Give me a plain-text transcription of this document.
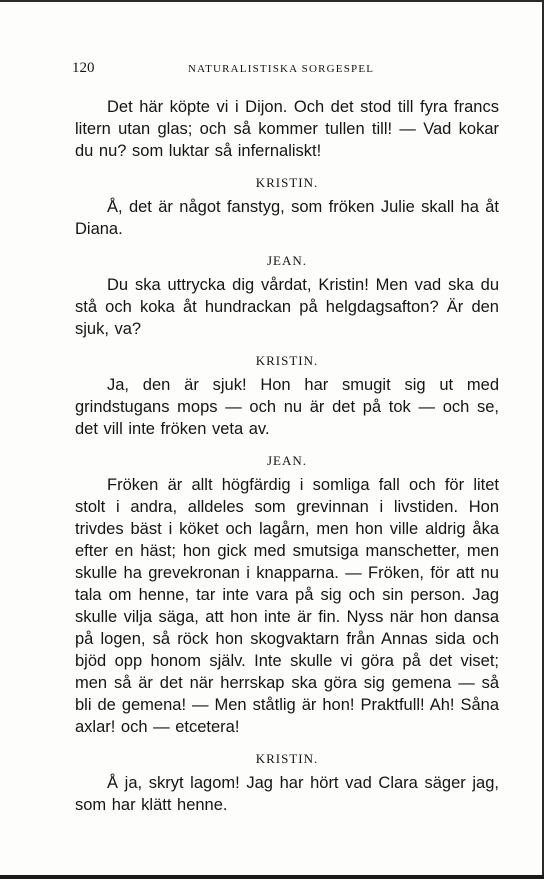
120	NATURALISTISKA SORGESPEL

Det här köpte vi i Dijon. Och det stod till fyra francs litern utan glas; och så kommer tullen till! — Vad kokar du nu? som luktar så infernaliskt!

KRISTIN.

Å, det är något fanstyg, som fröken Julie skall ha åt Diana.

JEAN.

Du ska uttrycka dig vårdat, Kristin! Men vad ska du stå och koka åt hundrackan på helgdagsafton? Är den sjuk, va?

KRISTIN.

Ja, den är sjuk! Hon har smugit sig ut med grindstugans mops — och nu är det på tok — och se, det vill inte fröken veta av.

JEAN.

Fröken är allt högfärdig i somliga fall och för litet stolt i andra, alldeles som grevinnan i livstiden. Hon trivdes bäst i köket och lagårn, men hon ville aldrig åka efter en häst; hon gick med smutsiga manschetter, men skulle ha grevekronan i knapparna. — Fröken, för att nu tala om henne, tar inte vara på sig och sin person. Jag skulle vilja säga, att hon inte är fin. Nyss när hon dansa på logen, så röck hon skogvaktarn från Annas sida och bjöd opp honom själv. Inte skulle vi göra på det viset; men så är det när herrskap ska göra sig gemena — så bli de gemena! — Men ståtlig är hon! Praktfull! Ah! Såna axlar! och — etcetera!

KRISTIN.

Å ja, skryt lagom! Jag har hört vad Clara säger jag, som har klätt henne.
